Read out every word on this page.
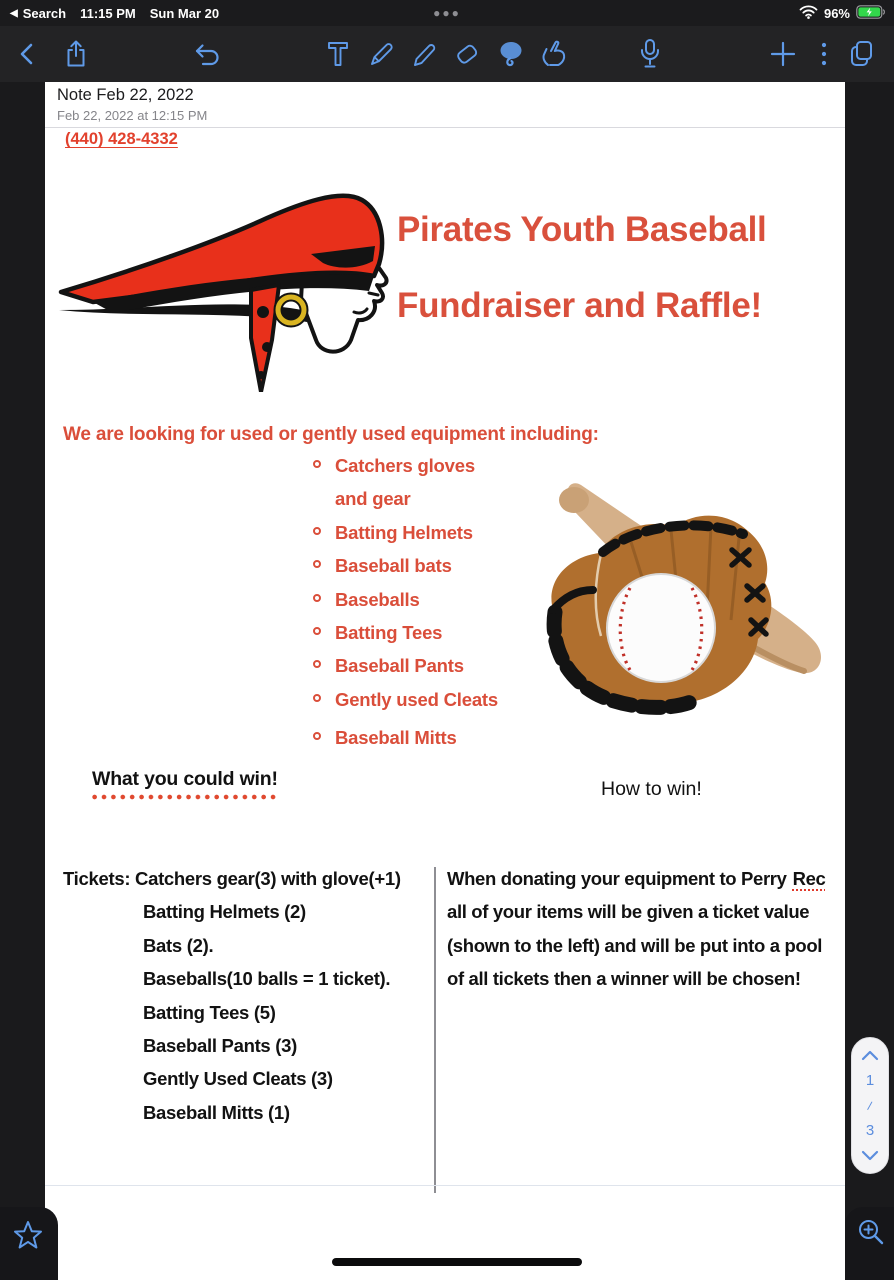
◀ Search 11:15 PM Sun Mar 20	●●●	96%
Note Feb 22, 2022
Feb 22, 2022 at 12:15 PM
(440) 428-4332
Pirates Youth Baseball
Fundraiser and Raffle!
We are looking for used or gently used equipment including:
Catchers gloves
and gear
Batting Helmets
Baseball bats
Baseballs
Batting Tees
Baseball Pants
Gently used Cleats
Baseball Mitts
What you could win!	How to win!
Tickets: Catchers gear(3) with glove(+1)
Batting Helmets (2)
Bats (2).
Baseballs(10 balls = 1 ticket).
Batting Tees (5)
Baseball Pants (3)
Gently Used Cleats (3)
Baseball Mitts (1)
When donating your equipment to Perry Rec
all of your items will be given a ticket value
(shown to the left) and will be put into a pool
of all tickets then a winner will be chosen!
1
/
3
